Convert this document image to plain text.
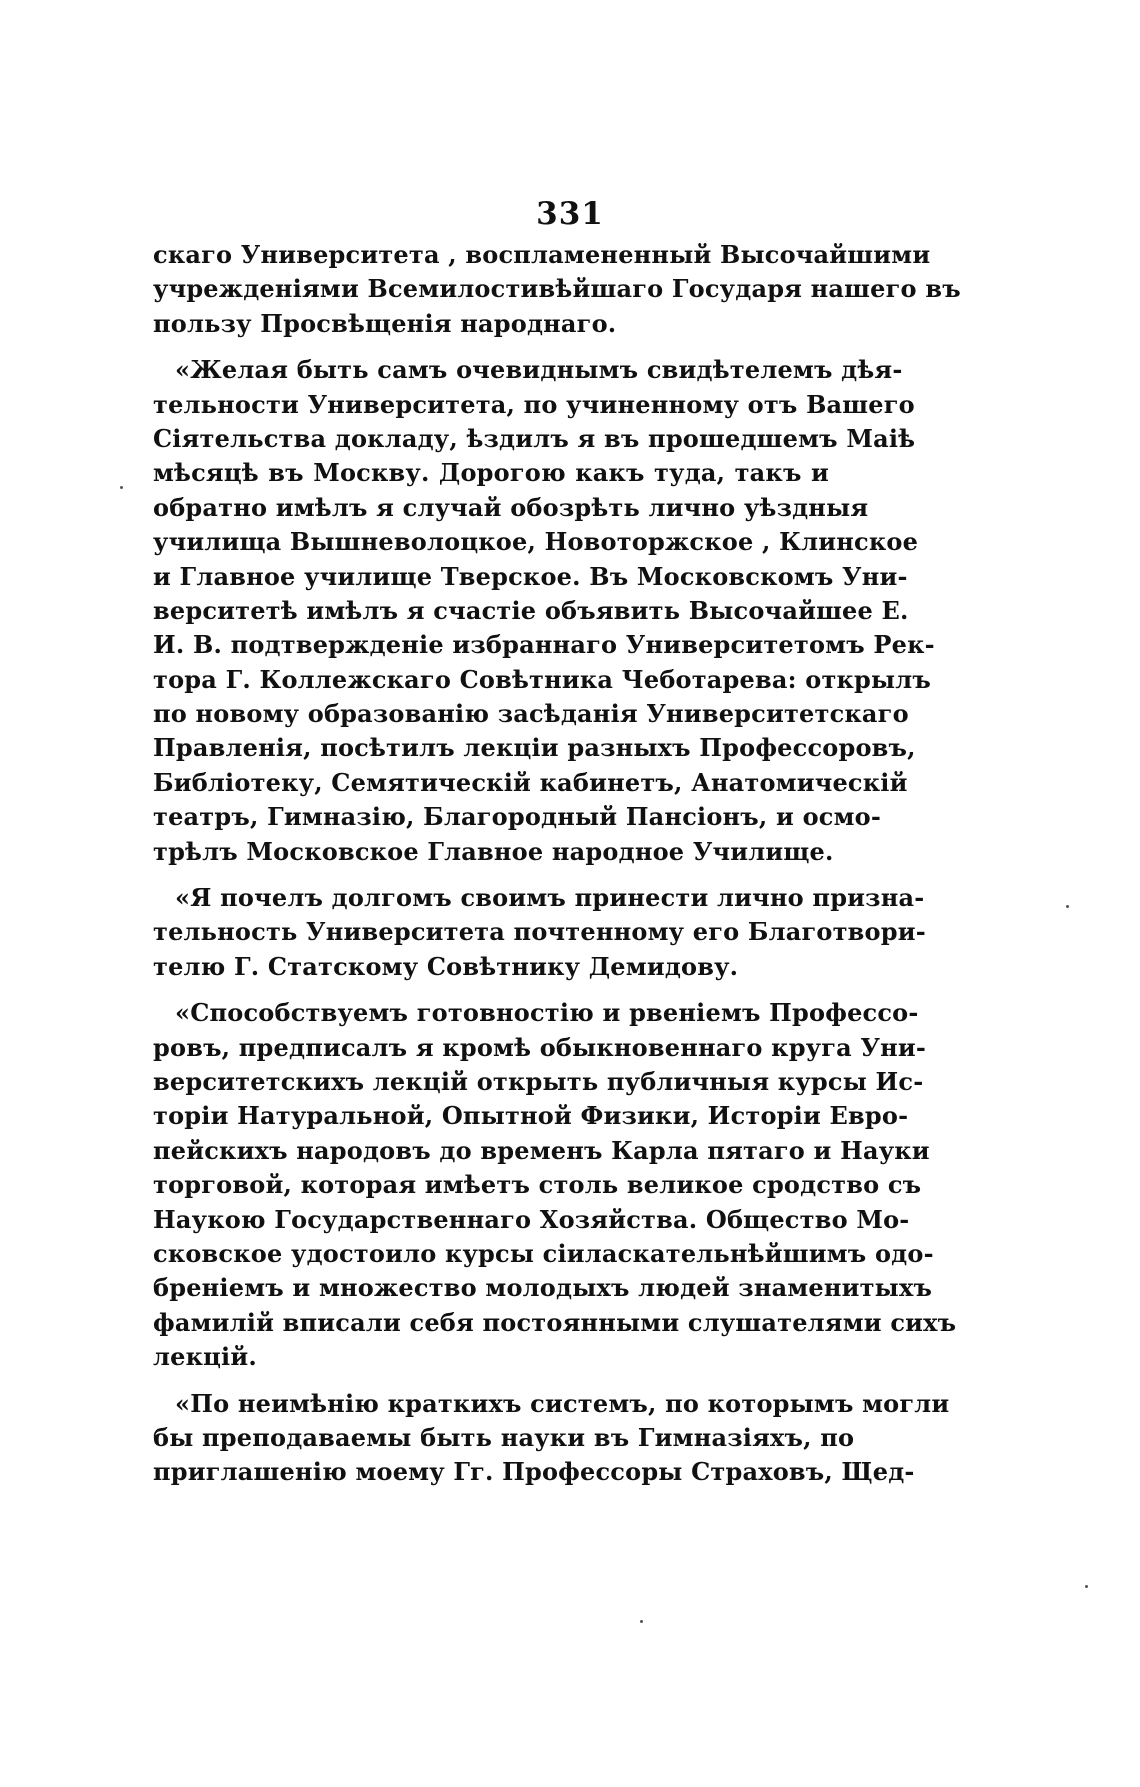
331
скаго Университета , воспламененный Высочайшими
учрежденіями Всемилостивѣйшаго Государя нашего въ
пользу Просвѣщенія народнаго.
«Желая быть самъ очевиднымъ свидѣтелемъ дѣя-
тельности Университета, по учиненному отъ Вашего
Сіятельства докладу, ѣздилъ я въ прошедшемъ Маіѣ
мѣсяцѣ въ Москву. Дорогою какъ туда, такъ и
обратно имѣлъ я случай обозрѣть лично уѣздныя
училища Вышневолоцкое, Новоторжское , Клинское
и Главное училище Тверское. Въ Московскомъ Уни-
верситетѣ имѣлъ я счастіе объявить Высочайшее Е.
И. В. подтвержденіе избраннаго Университетомъ Рек-
тора Г. Коллежскаго Совѣтника Чеботарева: открылъ
по новому образованію засѣданія Университетскаго
Правленія, посѣтилъ лекціи разныхъ Профессоровъ,
Библіотеку, Семятическій кабинетъ, Анатомическій
театръ, Гимназію, Благородный Пансіонъ, и осмо-
трѣлъ Московское Главное народное Училище.
«Я почелъ долгомъ своимъ принести лично призна-
тельность Университета почтенному его Благотвори-
телю Г. Статскому Совѣтнику Демидову.
«Способствуемъ готовностію и рвеніемъ Профессо-
ровъ, предписалъ я кромѣ обыкновеннаго круга Уни-
верситетскихъ лекцій открыть публичныя курсы Ис-
торіи Натуральной, Опытной Физики, Исторіи Евро-
пейскихъ народовъ до временъ Карла пятаго и Науки
торговой, которая имѣетъ столь великое сродство съ
Наукою Государственнаго Хозяйства. Общество Мо-
сковское удостоило курсы сіиласкательнѣйшимъ одо-
бреніемъ и множество молодыхъ людей знаменитыхъ
фамилій вписали себя постоянными слушателями сихъ
лекцій.
«По неимѣнію краткихъ системъ, по которымъ могли
бы преподаваемы быть науки въ Гимназіяхъ, по
приглашенію моему Гг. Профессоры Страховъ, Щед-
